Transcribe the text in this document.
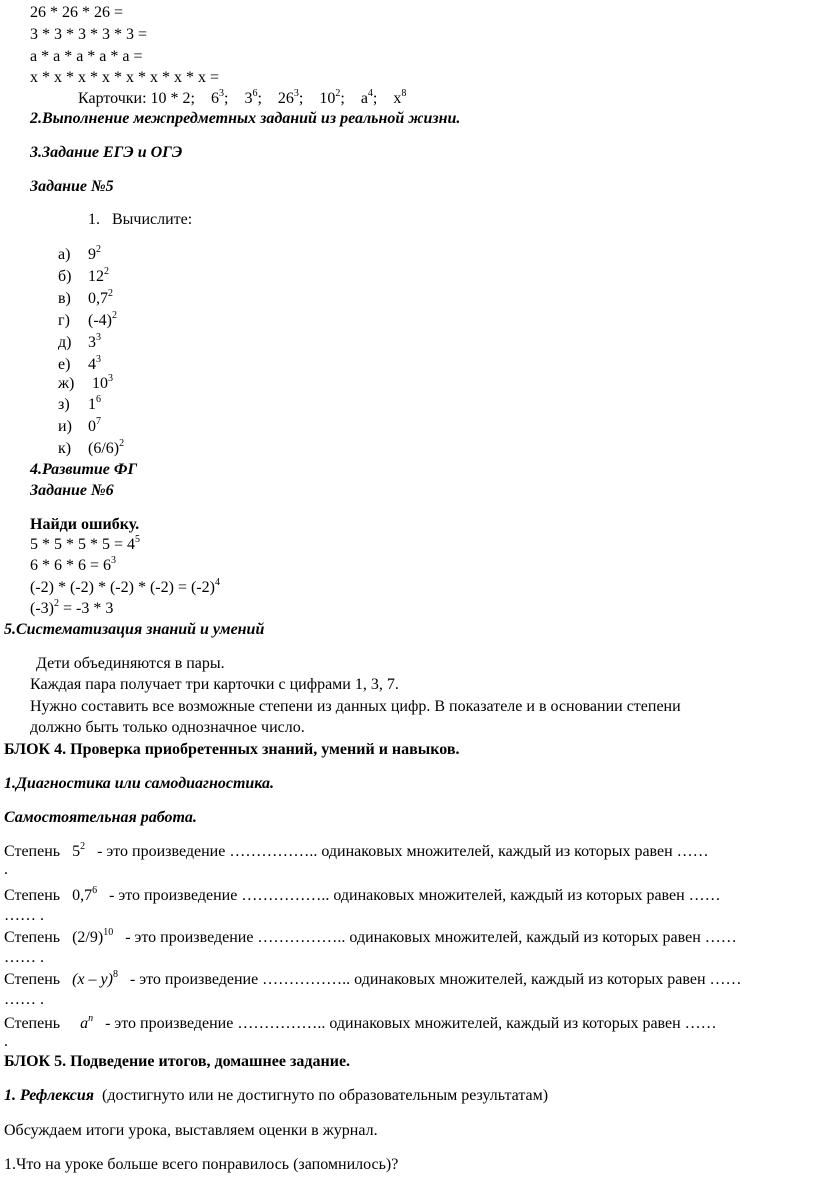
26 * 26 * 26 =
3 * 3 * 3 * 3 * 3 =
a * a * a * a * a =
x * x * x * x * x * x * x * x =
Карточки: 10 * 2; $6^3$; $3^6$; $26^3$; $10^2$; $a^4$; $x^8$
2.Выполнение межпредметных заданий из реальной жизни.
3.Задание ЕГЭ и ОГЭ
Задание №5
1. Вычислите:
а) $9^2$
б) $12^2$
в) $0,7^2$
г) $(-4)^2$
д) $3^3$
е) $4^3$
ж) $10^3$
з) $1^6$
и) $0^7$
к) $(6/6)^2$
4.Развитие ФГ
Задание №6
Найди ошибку.
$5 * 5 * 5 * 5 = 4^5$
$6 * 6 * 6 = 6^3$
$(-2) * (-2) * (-2) * (-2) = (-2)^4$
$(-3)^2 = -3 * 3$
5.Систематизация знаний и умений
Дети объединяются в пары.
Каждая пара получает три карточки с цифрами 1, 3, 7.
Нужно составить все возможные степени из данных цифр. В показателе и в основании степени
должно быть только однозначное число.
БЛОК 4. Проверка приобретенных знаний, умений и навыков.
1.Диагностика или самодиагностика.
Самостоятельная работа.
Степень $5^2$ - это произведение …………….. одинаковых множителей, каждый из которых равен ……
.
Степень $0,7^6$ - это произведение …………….. одинаковых множителей, каждый из которых равен ……
…… .
Степень $(2/9)^{10}$ - это произведение …………….. одинаковых множителей, каждый из которых равен ……
…… .
Степень (x – y)$^8$ - это произведение …………….. одинаковых множителей, каждый из которых равен ……
…… .
Степень $a^n$ - это произведение …………….. одинаковых множителей, каждый из которых равен ……
.
БЛОК 5. Подведение итогов, домашнее задание.
1. Рефлексия (достигнуто или не достигнуто по образовательным результатам)
Обсуждаем итоги урока, выставляем оценки в журнал.
1.Что на уроке больше всего понравилось (запомнилось)?
